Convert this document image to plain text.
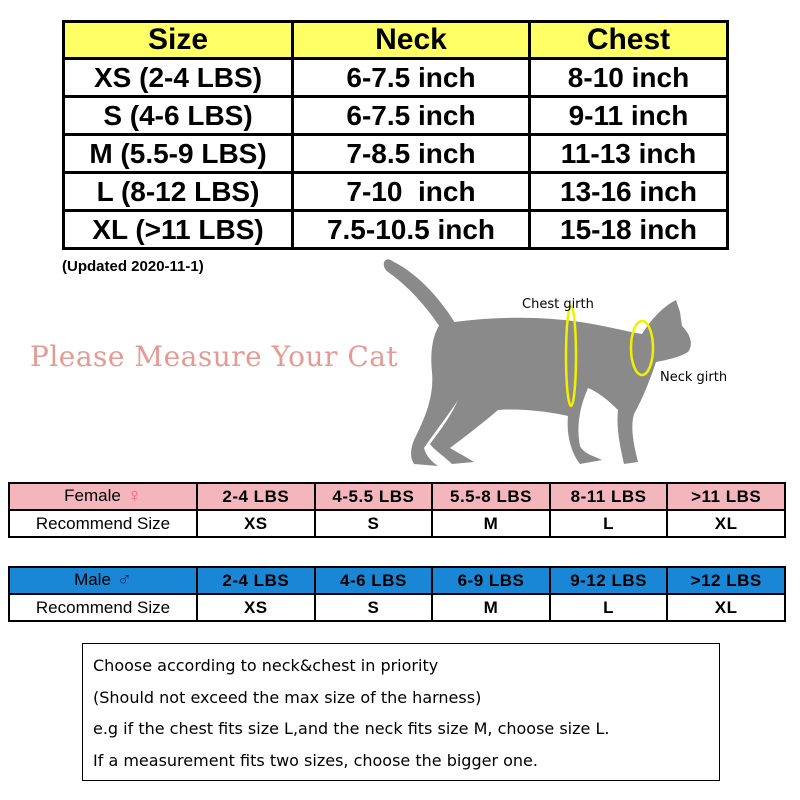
Size	Neck	Chest
XS (2-4 LBS)	6-7.5 inch	8-10 inch
S (4-6 LBS)	6-7.5 inch	9-11 inch
M (5.5-9 LBS)	7-8.5 inch	11-13 inch
L (8-12 LBS)	7-10  inch	13-16 inch
XL (>11 LBS)	7.5-10.5 inch	15-18 inch
(Updated 2020-11-1)
Please Measure Your Cat
Chest girth
Neck girth
Female ♀	2-4 LBS	4-5.5 LBS	5.5-8 LBS	8-11 LBS	>11 LBS
Recommend Size	XS	S	M	L	XL
Male ♂	2-4 LBS	4-6 LBS	6-9 LBS	9-12 LBS	>12 LBS
Recommend Size	XS	S	M	L	XL
Choose according to neck&chest in priority
(Should not exceed the max size of the harness)
e.g if the chest fits size L,and the neck fits size M, choose size L.
If a measurement fits two sizes, choose the bigger one.
